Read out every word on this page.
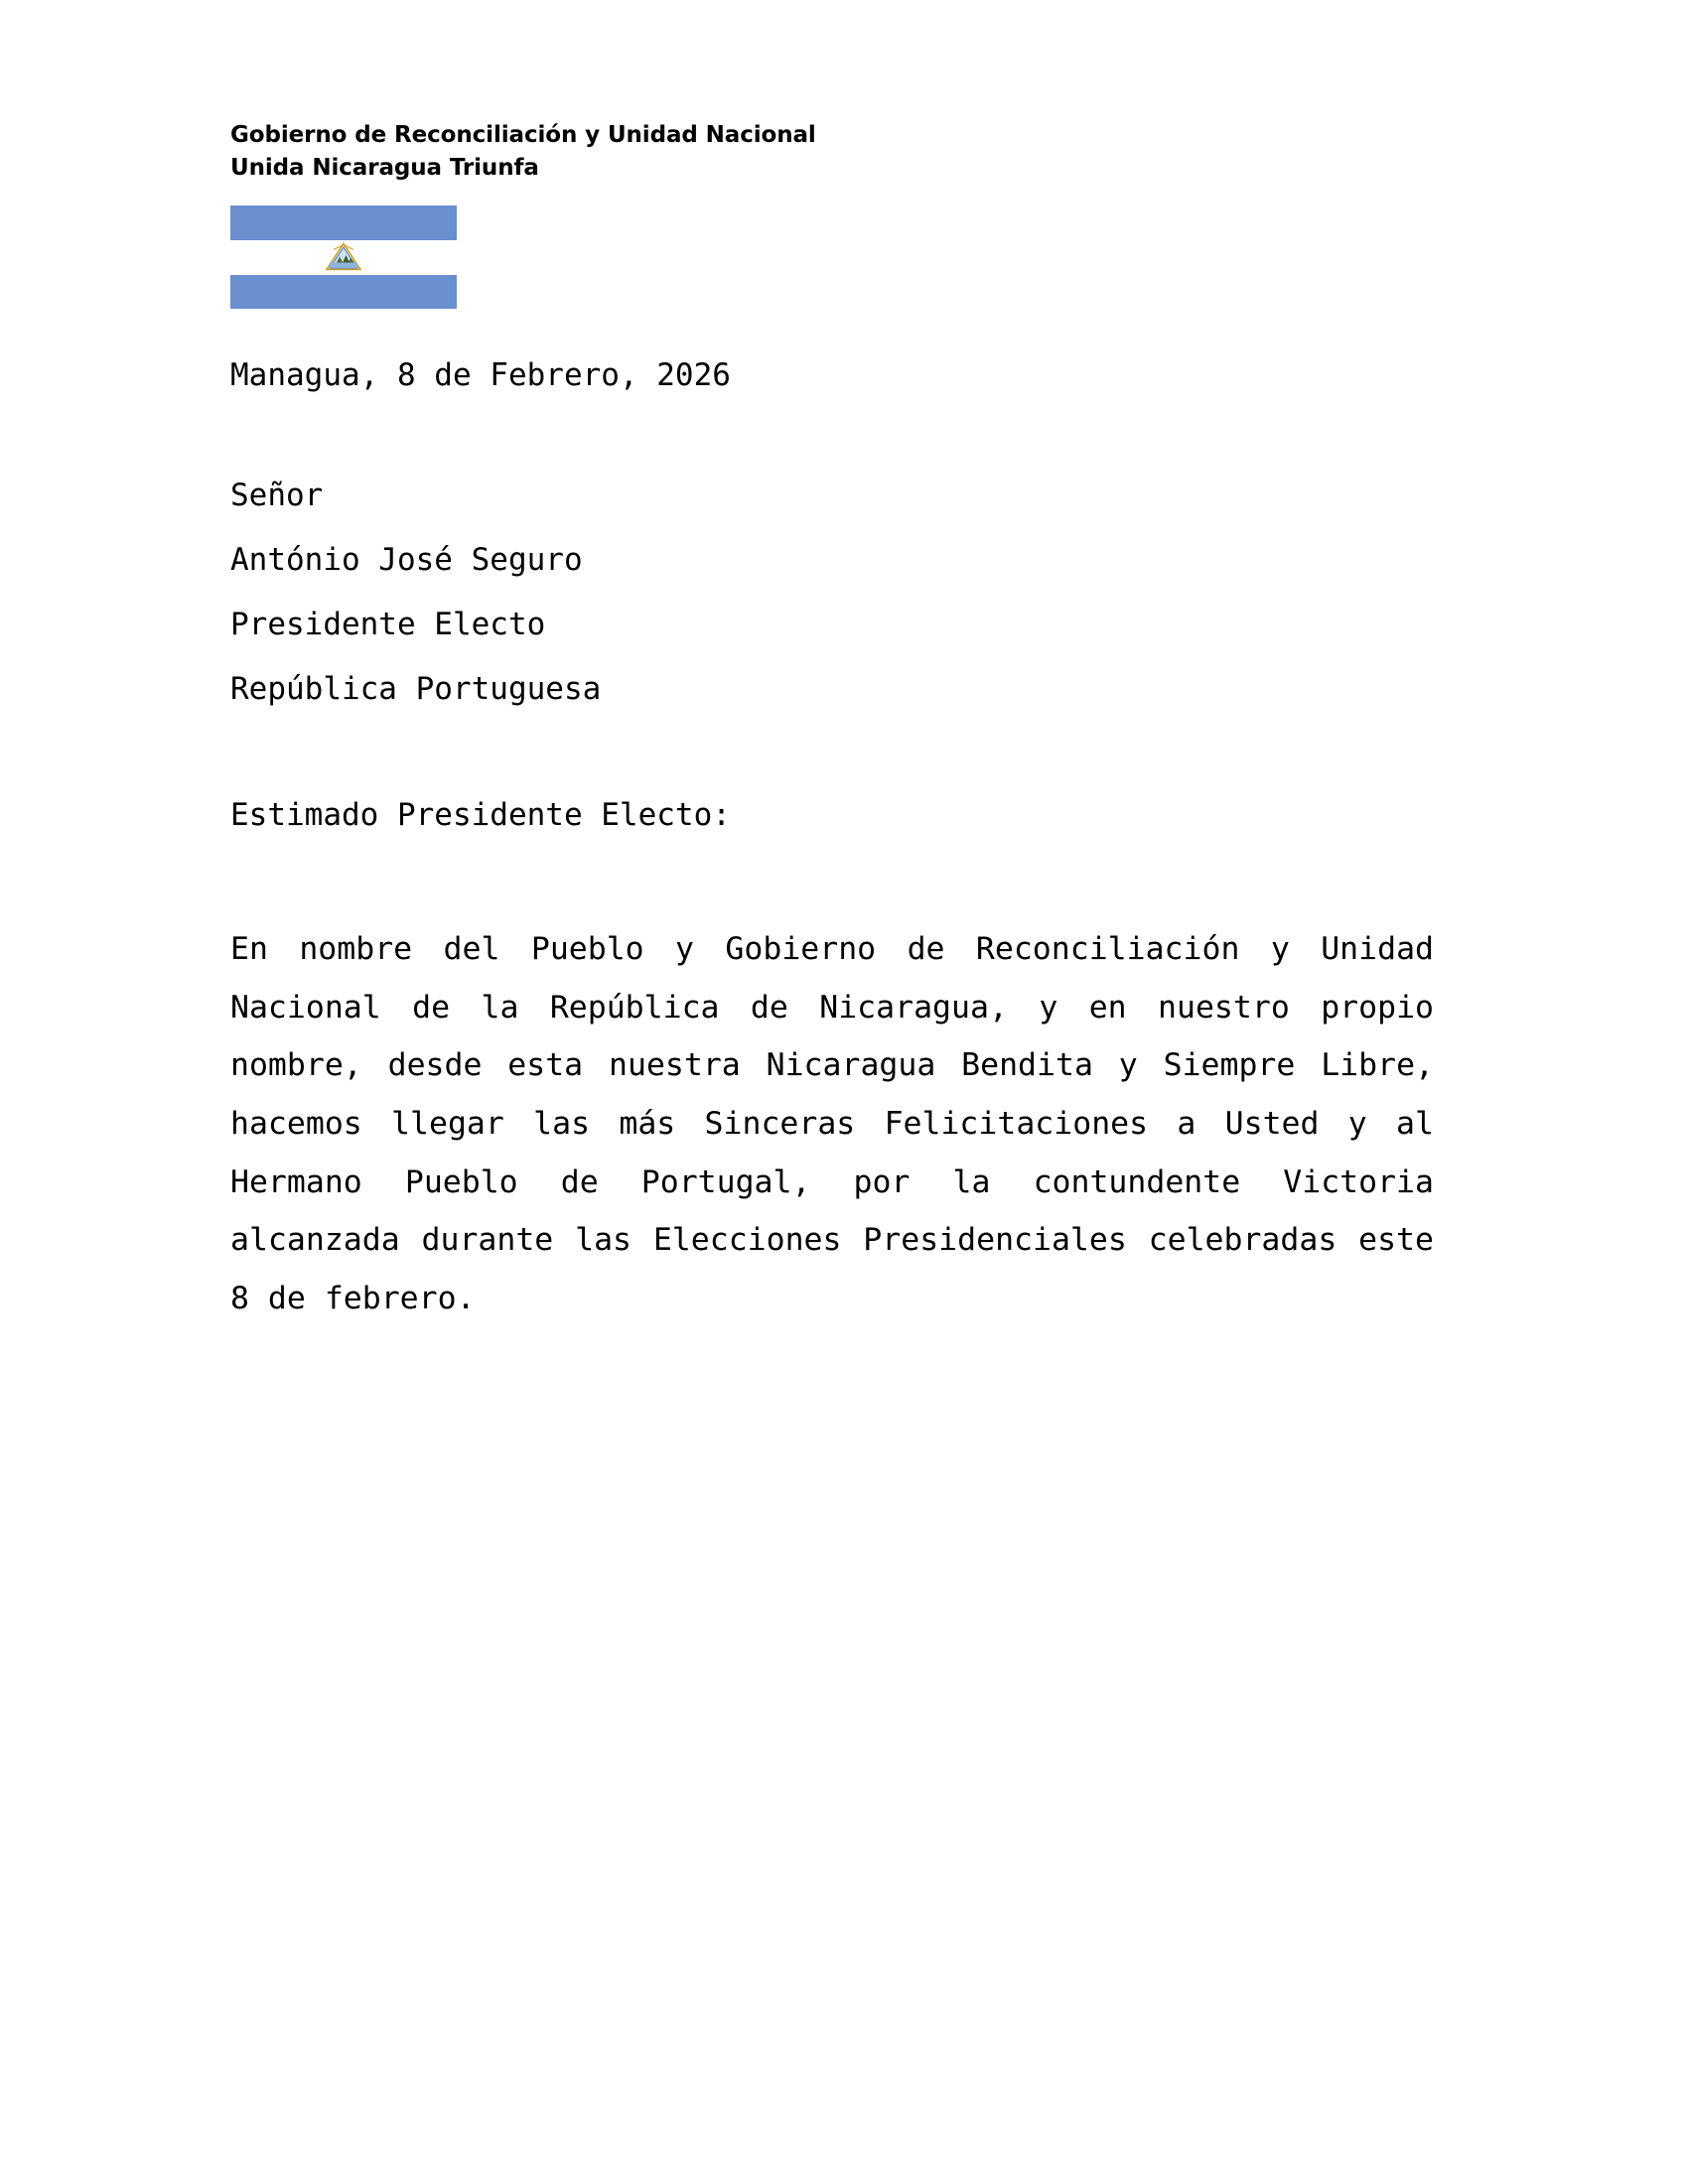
Gobierno de Reconciliación y Unidad Nacional
Unida Nicaragua Triunfa
Managua, 8 de Febrero, 2026
Señor
António José Seguro
Presidente Electo
República Portuguesa
Estimado Presidente Electo:

En nombre del Pueblo y Gobierno de Reconciliación y Unidad Nacional de la República de Nicaragua, y en nuestro propio nombre, desde esta nuestra Nicaragua Bendita y Siempre Libre, hacemos llegar las más Sinceras Felicitaciones a Usted y al Hermano Pueblo de Portugal, por la contundente Victoria alcanzada durante las Elecciones Presidenciales celebradas este 8 de febrero.
